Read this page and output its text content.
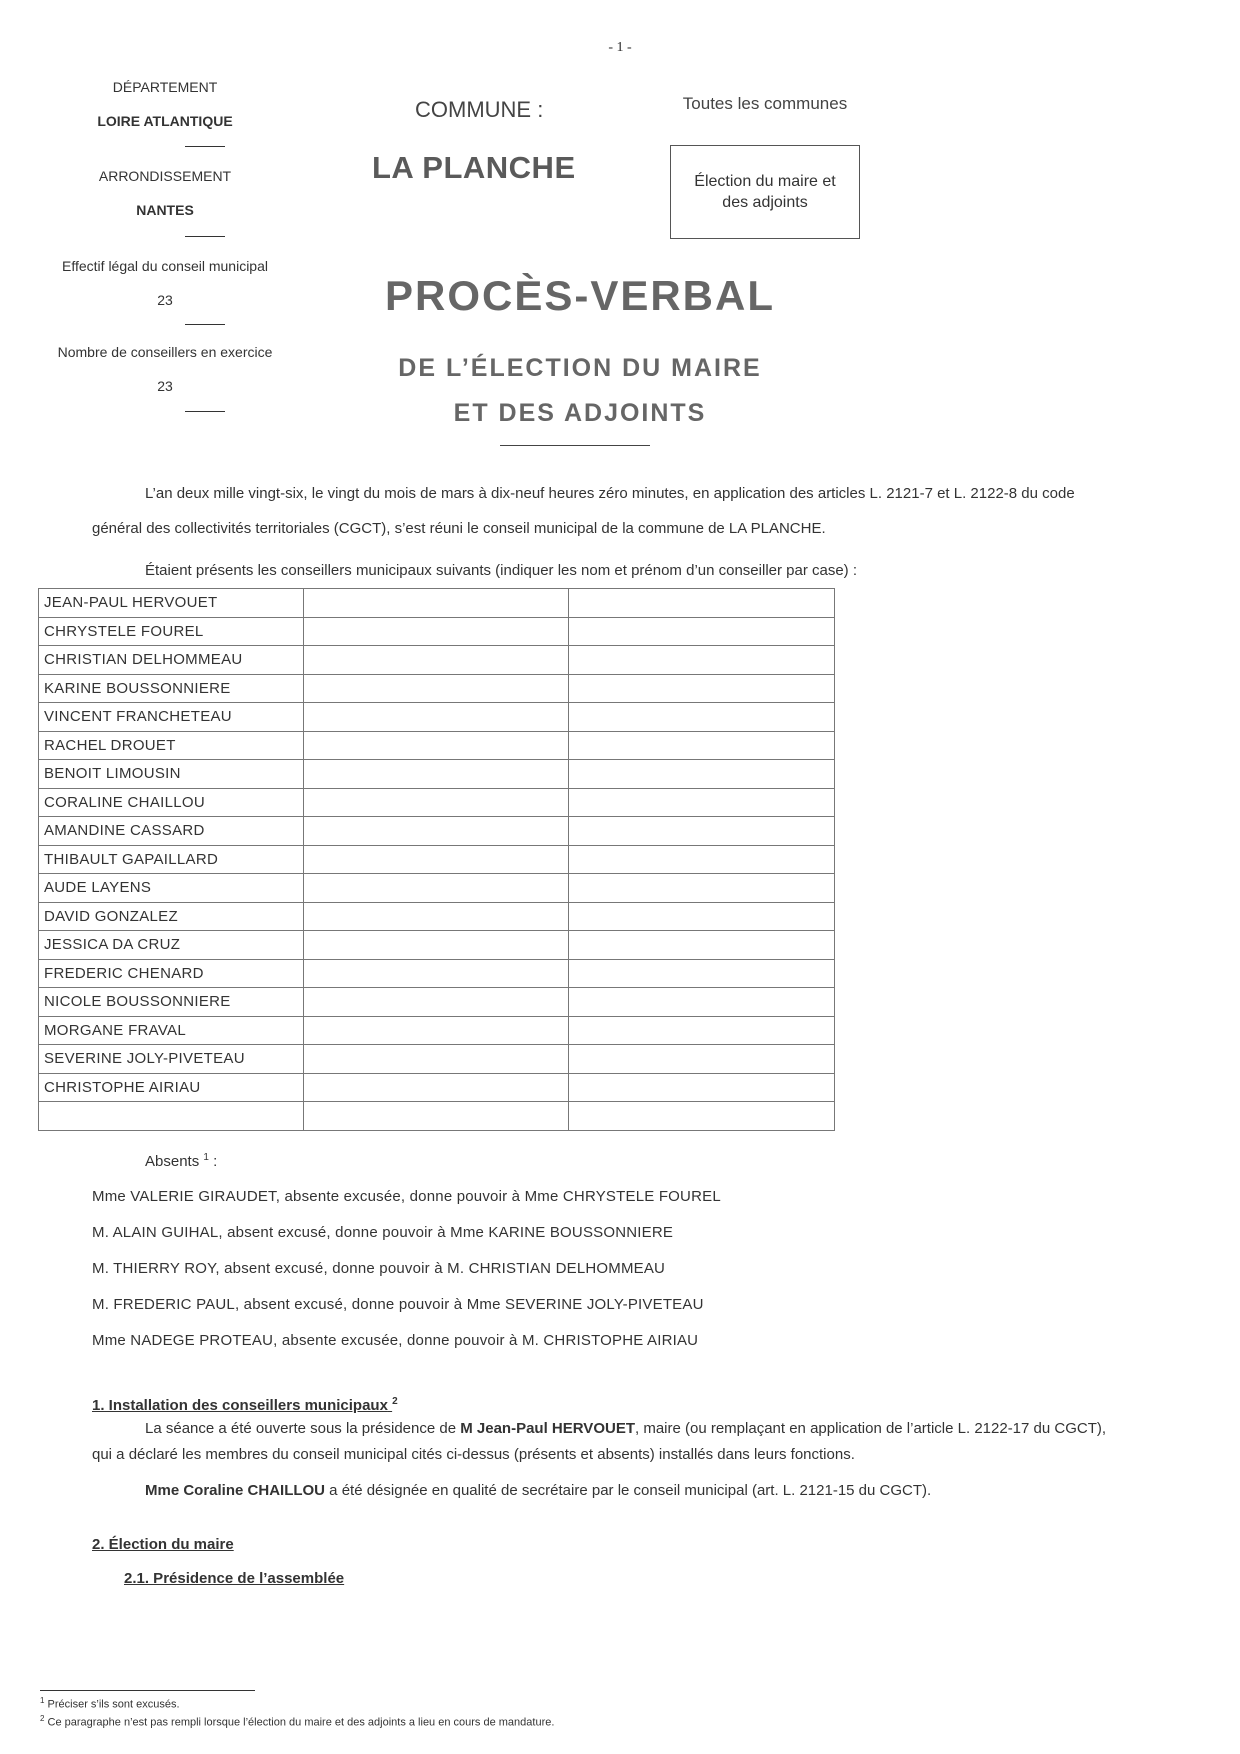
- 1 -
DÉPARTEMENT
LOIRE ATLANTIQUE
ARRONDISSEMENT
NANTES
Effectif légal du conseil municipal
23
Nombre de conseillers en exercice
23
COMMUNE :
LA PLANCHE
Toutes les communes
Élection du maire et
des adjoints
PROCÈS-VERBAL
DE L’ÉLECTION DU MAIRE
ET DES ADJOINTS
L’an deux mille vingt-six, le vingt du mois de mars à dix-neuf heures zéro minutes, en application des articles L. 2121-7 et L. 2122-8 du code
général des collectivités territoriales (CGCT), s’est réuni le conseil municipal de la commune de LA PLANCHE.
Étaient présents les conseillers municipaux suivants (indiquer les nom et prénom d’un conseiller par case) :
JEAN-PAUL HERVOUET		
CHRYSTELE FOUREL		
CHRISTIAN DELHOMMEAU		
KARINE BOUSSONNIERE		
VINCENT FRANCHETEAU		
RACHEL DROUET		
BENOIT LIMOUSIN		
CORALINE CHAILLOU		
AMANDINE CASSARD		
THIBAULT GAPAILLARD		
AUDE LAYENS		
DAVID GONZALEZ		
JESSICA DA CRUZ		
FREDERIC CHENARD		
NICOLE BOUSSONNIERE		
MORGANE FRAVAL		
SEVERINE JOLY-PIVETEAU		
CHRISTOPHE AIRIAU		

Absents $^1$ :
Mme VALERIE GIRAUDET, absente excusée, donne pouvoir à Mme CHRYSTELE FOUREL
M. ALAIN GUIHAL, absent excusé, donne pouvoir à Mme KARINE BOUSSONNIERE
M. THIERRY ROY, absent excusé, donne pouvoir à M. CHRISTIAN DELHOMMEAU
M. FREDERIC PAUL, absent excusé, donne pouvoir à Mme SEVERINE JOLY-PIVETEAU
Mme NADEGE PROTEAU, absente excusée, donne pouvoir à M. CHRISTOPHE AIRIAU
1. Installation des conseillers municipaux $^2$
La séance a été ouverte sous la présidence de M Jean-Paul HERVOUET, maire (ou remplaçant en application de l’article L. 2122-17 du CGCT),
qui a déclaré les membres du conseil municipal cités ci-dessus (présents et absents) installés dans leurs fonctions.
Mme Coraline CHAILLOU a été désignée en qualité de secrétaire par le conseil municipal (art. L. 2121-15 du CGCT).
2. Élection du maire
2.1. Présidence de l’assemblée
$^1$ Préciser s’ils sont excusés.
$^2$ Ce paragraphe n’est pas rempli lorsque l’élection du maire et des adjoints a lieu en cours de mandature.
